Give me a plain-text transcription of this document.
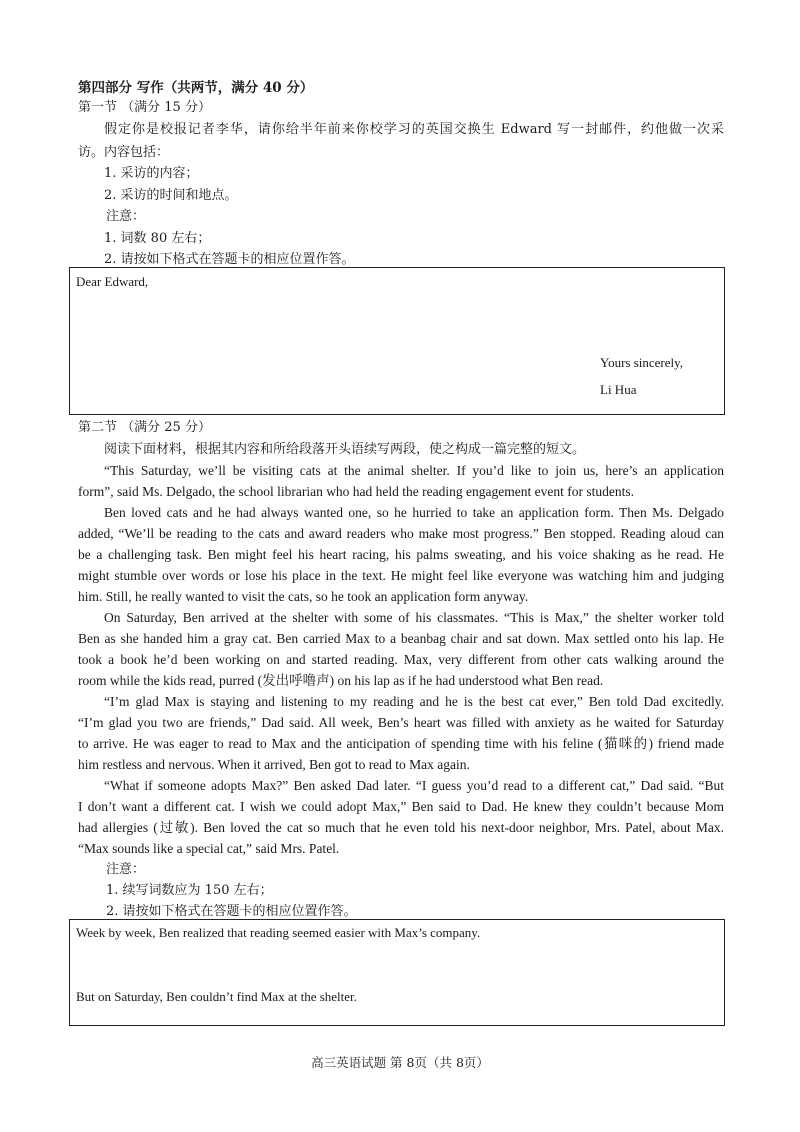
第四部分 写作（共两节，满分 40 分）
第一节 （满分 15 分）
假定你是校报记者李华，请你给半年前来你校学习的英国交换生 Edward 写一封邮件，约他做一次采
访。内容包括：
1. 采访的内容；
2. 采访的时间和地点。
注意：
1. 词数 80 左右；
2. 请按如下格式在答题卡的相应位置作答。
Dear Edward,
Yours sincerely,
Li Hua
第二节 （满分 25 分）
阅读下面材料，根据其内容和所给段落开头语续写两段，使之构成一篇完整的短文。
“This Saturday, we’ll be visiting cats at the animal shelter. If you’d like to join us, here’s an application
form”, said Ms. Delgado, the school librarian who had held the reading engagement event for students.
Ben loved cats and he had always wanted one, so he hurried to take an application form. Then Ms. Delgado
added, “We’ll be reading to the cats and award readers who make most progress.” Ben stopped. Reading aloud can
be a challenging task. Ben might feel his heart racing, his palms sweating, and his voice shaking as he read. He
might stumble over words or lose his place in the text. He might feel like everyone was watching him and judging
him. Still, he really wanted to visit the cats, so he took an application form anyway.
On Saturday, Ben arrived at the shelter with some of his classmates. “This is Max,” the shelter worker told
Ben as she handed him a gray cat. Ben carried Max to a beanbag chair and sat down. Max settled onto his lap. He
took a book he’d been working on and started reading. Max, very different from other cats walking around the
room while the kids read, purred (发出呼噜声) on his lap as if he had understood what Ben read.
“I’m glad Max is staying and listening to my reading and he is the best cat ever,” Ben told Dad excitedly.
“I’m glad you two are friends,” Dad said. All week, Ben’s heart was filled with anxiety as he waited for Saturday
to arrive. He was eager to read to Max and the anticipation of spending time with his feline (猫咪的) friend made
him restless and nervous. When it arrived, Ben got to read to Max again.
“What if someone adopts Max?” Ben asked Dad later. “I guess you’d read to a different cat,” Dad said. “But
I don’t want a different cat. I wish we could adopt Max,” Ben said to Dad. He knew they couldn’t because Mom
had allergies (过敏). Ben loved the cat so much that he even told his next-door neighbor, Mrs. Patel, about Max.
“Max sounds like a special cat,” said Mrs. Patel.
注意：
1. 续写词数应为 150 左右；
2. 请按如下格式在答题卡的相应位置作答。
Week by week, Ben realized that reading seemed easier with Max’s company.
But on Saturday, Ben couldn’t find Max at the shelter.
高三英语试题 第 8页（共 8页）
